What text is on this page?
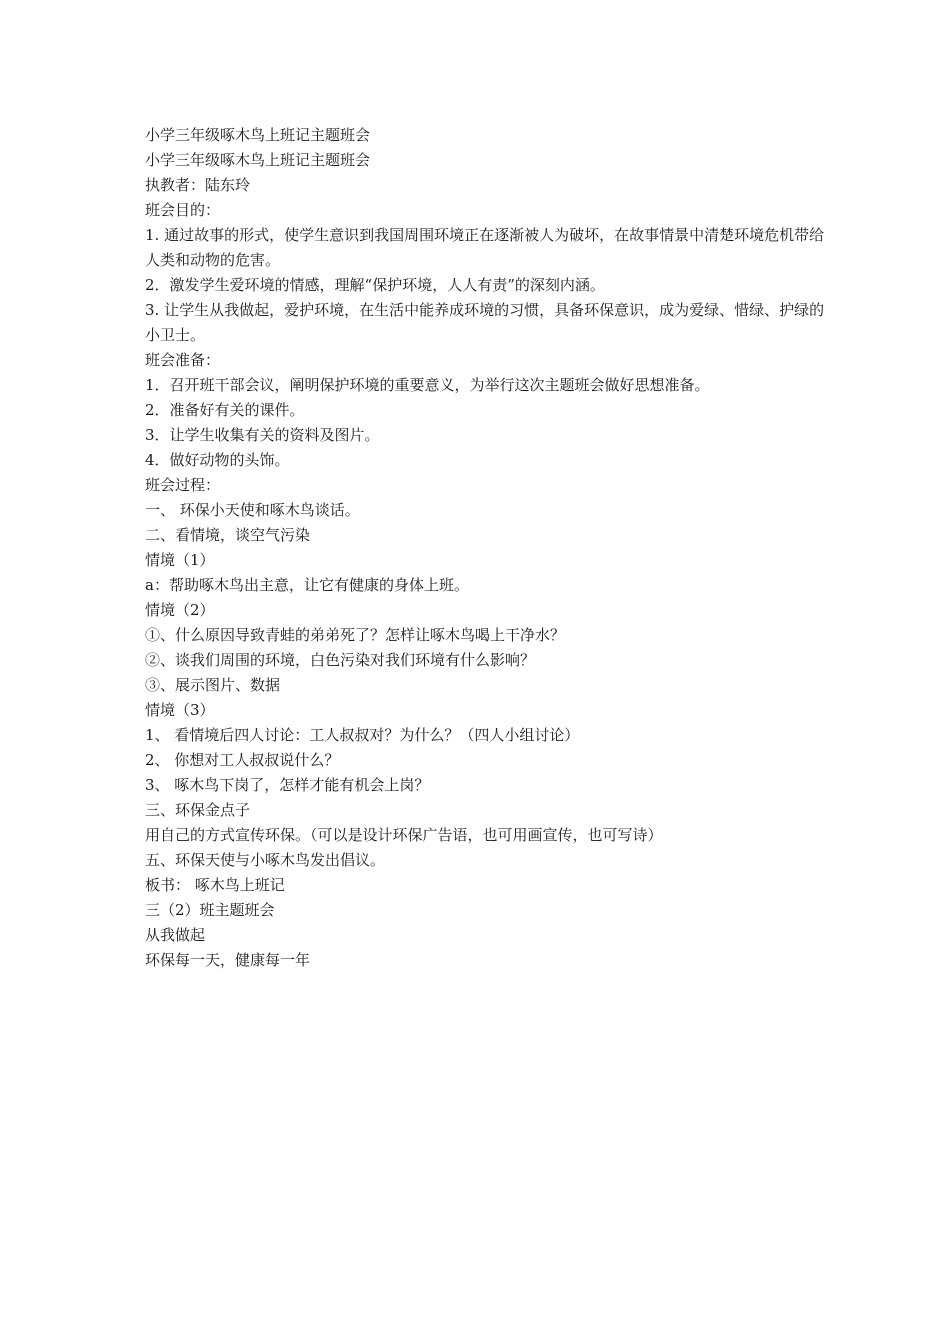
小学三年级啄木鸟上班记主题班会

小学三年级啄木鸟上班记主题班会

执教者：陆东玲

班会目的：

1. 通过故事的形式，使学生意识到我国周围环境正在逐渐被人为破坏，在故事情景中清楚环境危机带给人类和动物的危害。

2．激发学生爱环境的情感，理解“保护环境，人人有责”的深刻内涵。

3. 让学生从我做起，爱护环境，在生活中能养成环境的习惯，具备环保意识，成为爱绿、惜绿、护绿的小卫士。

班会准备：

1．召开班干部会议，阐明保护环境的重要意义，为举行这次主题班会做好思想准备。

2．准备好有关的课件。

3．让学生收集有关的资料及图片。

4．做好动物的头饰。

班会过程：

一、 环保小天使和啄木鸟谈话。

二、看情境，谈空气污染

情境（1）

a：帮助啄木鸟出主意，让它有健康的身体上班。

情境（2）

①、什么原因导致青蛙的弟弟死了？怎样让啄木鸟喝上干净水？

②、谈我们周围的环境，白色污染对我们环境有什么影响？

③、展示图片、数据

情境（3）

1、 看情境后四人讨论：工人叔叔对？为什么？（四人小组讨论）

2、 你想对工人叔叔说什么？

3、 啄木鸟下岗了，怎样才能有机会上岗？

三、环保金点子

用自己的方式宣传环保。（可以是设计环保广告语，也可用画宣传，也可写诗）

五、环保天使与小啄木鸟发出倡议。

板书： 啄木鸟上班记

三（2）班主题班会

从我做起

环保每一天，健康每一年
